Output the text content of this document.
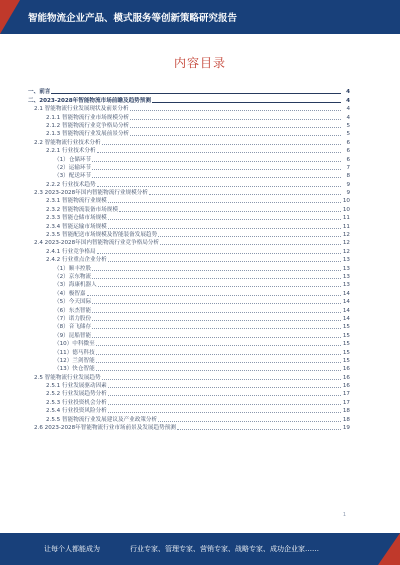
智能物流企业产品、模式服务等创新策略研究报告
内容目录
一、前言	4
二、2023-2028年智能物流市场前瞻及趋势预测	4
2.1 智能物流行业发展现状及前景分析	4
2.1.1 智能物流行业市场规模分析	4
2.1.2 智能物流行业竞争格局分析	5
2.1.3 智能物流行业发展前景分析	5
2.2 智能物流行业技术分析	6
2.2.1 行业技术分析	6
（1）仓储环节	6
（2）运输环节	7
（3）配送环节	8
2.2.2 行业技术趋势	9
2.3 2023-2028年国内智能物流行业规模分析	9
2.3.1 智能物流行业规模	10
2.3.2 智能物流装备市场规模	10
2.3.3 智能仓储市场规模	11
2.3.4 智能运输市场规模	11
2.3.5 智能配送市场规模及智能装备发展趋势	12
2.4 2023-2028年国内智能物流行业竞争格局分析	12
2.4.1 行业竞争格局	12
2.4.2 行业重点企业分析	13
（1）顺丰控股	13
（2）京东物流	13
（3）海康机器人	13
（4）极智嘉	14
（5）今天国际	14
（6）东杰智能	14
（7）诺力股份	14
（8）音飞储存	15
（9）昆船智能	15
（10）中科微至	15
（11）德马科技	15
（12）兰剑智能	15
（13）快仓智能	16
2.5 智能物流行业发展趋势	16
2.5.1 行业发展驱动因素	16
2.5.2 行业发展趋势分析	17
2.5.3 行业投资机会分析	17
2.5.4 行业投资风险分析	18
2.5.5 智能物流行业发展建议及产业政策分析	18
2.6 2023-2028年智能物流行业市场前景及发展趋势预测	19
1
让每个人都能成为	行业专家、管理专家、营销专家、战略专家、成功企业家……
